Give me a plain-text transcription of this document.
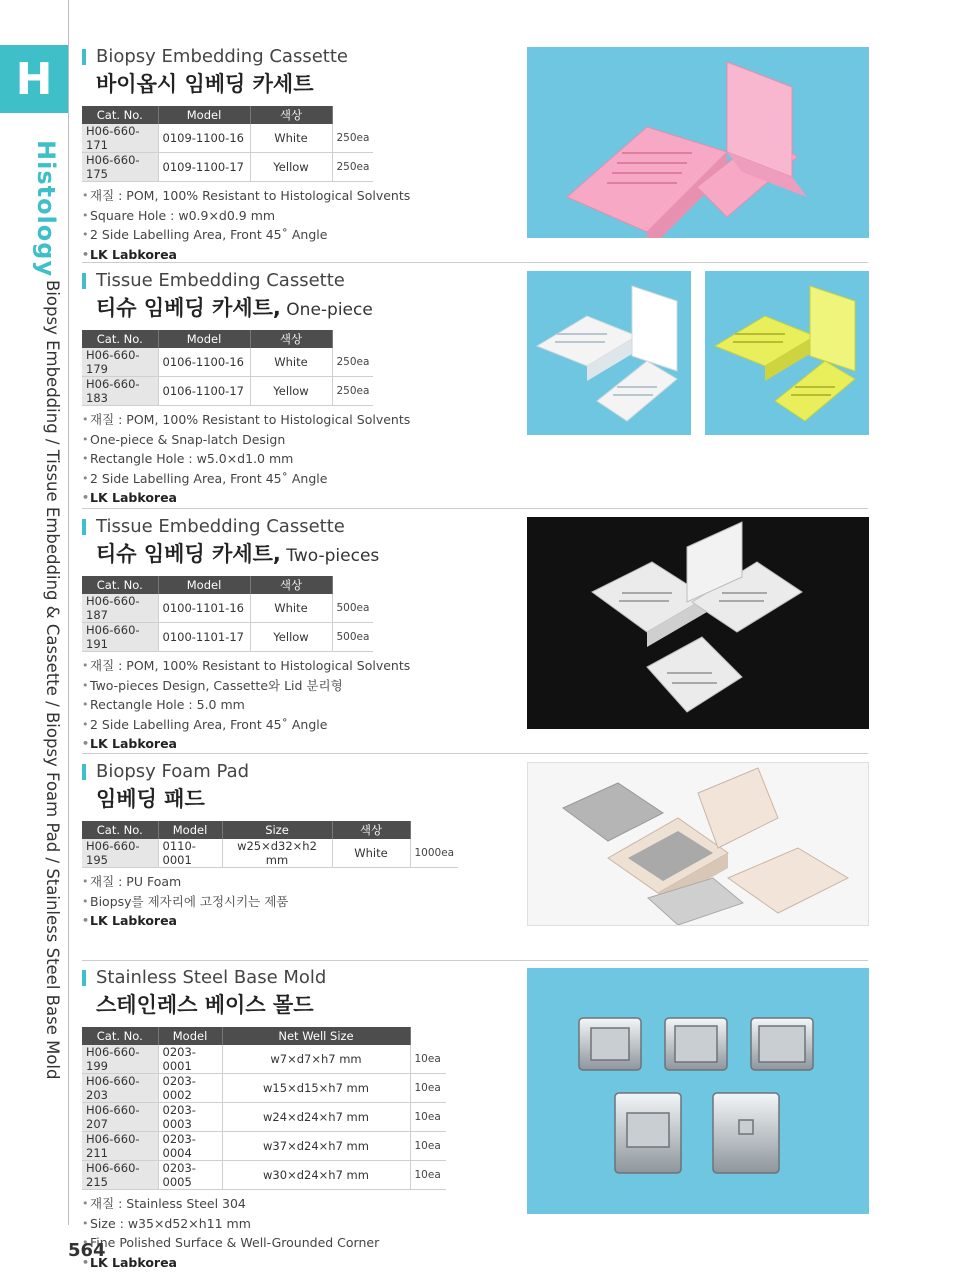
H
Histology
Biopsy Embedding / Tissue Embedding & Cassette / Biopsy Foam Pad / Stainless Steel Base Mold
Biopsy Embedding Cassette
바이옵시 임베딩 카세트
Cat. No.	Model	색상	
H06-660-171	0109-1100-16	White	250ea
H06-660-175	0109-1100-17	Yellow	250ea
• 재질 : POM, 100% Resistant to Histological Solvents
• Square Hole : w0.9×d0.9 mm
• 2 Side Labelling Area, Front 45˚ Angle
• LK Labkorea
Tissue Embedding Cassette
티슈 임베딩 카세트, One-piece
Cat. No.	Model	색상	
H06-660-179	0106-1100-16	White	250ea
H06-660-183	0106-1100-17	Yellow	250ea
• 재질 : POM, 100% Resistant to Histological Solvents
• One-piece & Snap-latch Design
• Rectangle Hole : w5.0×d1.0 mm
• 2 Side Labelling Area, Front 45˚ Angle
• LK Labkorea
Tissue Embedding Cassette
티슈 임베딩 카세트, Two-pieces
Cat. No.	Model	색상	
H06-660-187	0100-1101-16	White	500ea
H06-660-191	0100-1101-17	Yellow	500ea
• 재질 : POM, 100% Resistant to Histological Solvents
• Two-pieces Design, Cassette와 Lid 분리형
• Rectangle Hole : 5.0 mm
• 2 Side Labelling Area, Front 45˚ Angle
• LK Labkorea
Biopsy Foam Pad
임베딩 패드
Cat. No.	Model	Size	색상	
H06-660-195	0110-0001	w25×d32×h2 mm	White	1000ea
• 재질 : PU Foam
• Biopsy를 제자리에 고정시키는 제품
• LK Labkorea
Stainless Steel Base Mold
스테인레스 베이스 몰드
Cat. No.	Model	Net Well Size	
H06-660-199	0203-0001	w7×d7×h7 mm	10ea
H06-660-203	0203-0002	w15×d15×h7 mm	10ea
H06-660-207	0203-0003	w24×d24×h7 mm	10ea
H06-660-211	0203-0004	w37×d24×h7 mm	10ea
H06-660-215	0203-0005	w30×d24×h7 mm	10ea
• 재질 : Stainless Steel 304
• Size : w35×d52×h11 mm
• Fine Polished Surface & Well-Grounded Corner
• LK Labkorea
564
